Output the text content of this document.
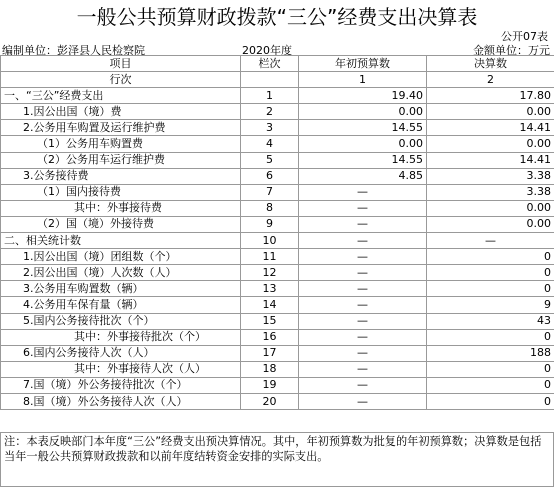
一般公共预算财政拨款“三公”经费支出决算表
公开07表
编制单位：彭泽县人民检察院	2020年度	金额单位：万元
项目	栏次	年初预算数	决算数
行次		1	2
一、“三公”经费支出	1	19.40	17.80
1.因公出国（境）费	2	0.00	0.00
2.公务用车购置及运行维护费	3	14.55	14.41
（1）公务用车购置费	4	0.00	0.00
（2）公务用车运行维护费	5	14.55	14.41
3.公务接待费	6	4.85	3.38
（1）国内接待费	7	—	3.38
其中：外事接待费	8	—	0.00
（2）国（境）外接待费	9	—	0.00
二、相关统计数	10	—	—
1.因公出国（境）团组数（个）	11	—	0
2.因公出国（境）人次数（人）	12	—	0
3.公务用车购置数（辆）	13	—	0
4.公务用车保有量（辆）	14	—	9
5.国内公务接待批次（个）	15	—	43
其中：外事接待批次（个）	16	—	0
6.国内公务接待人次（人）	17	—	188
其中：外事接待人次（人）	18	—	0
7.国（境）外公务接待批次（个）	19	—	0
8.国（境）外公务接待人次（人）	20	—	0
注：本表反映部门本年度“三公”经费支出预决算情况。其中，年初预算数为批复的年初预算数；决算数是包括当年一般公共预算财政拨款和以前年度结转资金安排的实际支出。
